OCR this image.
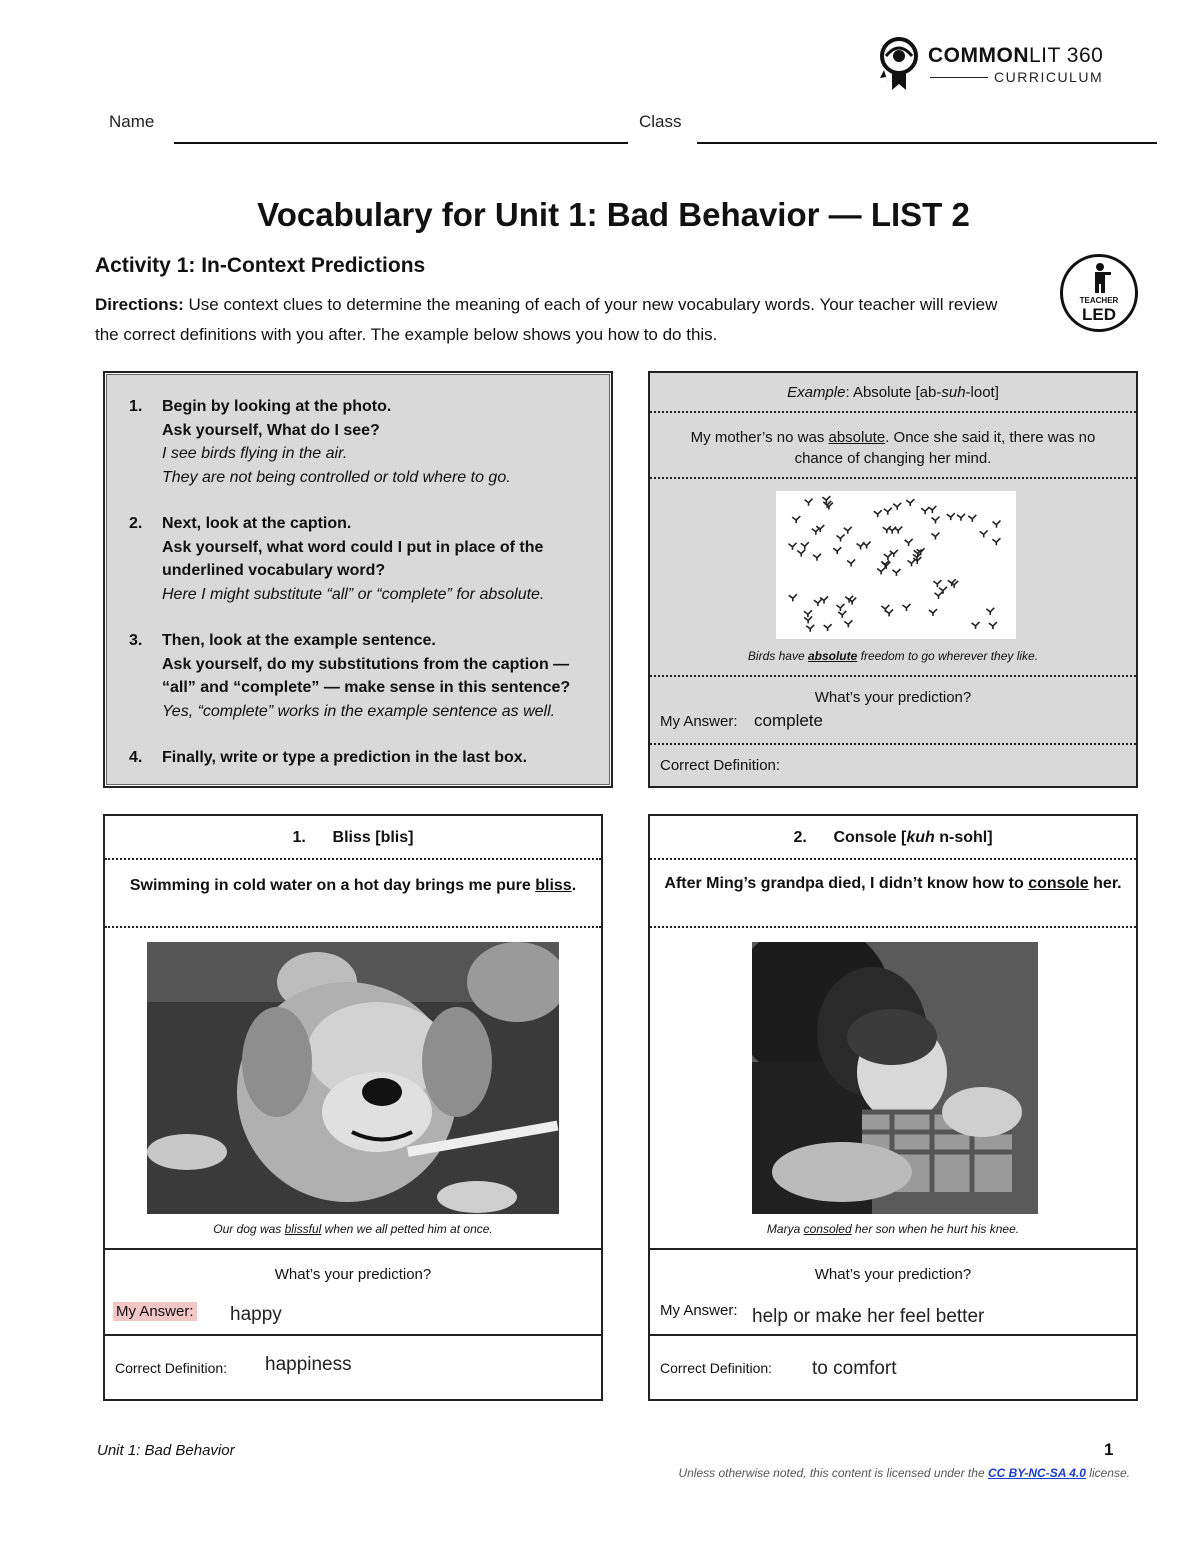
COMMONLIT 360
CURRICULUM
Name	Class
Vocabulary for Unit 1: Bad Behavior — LIST 2
Activity 1: In-Context Predictions
Directions: Use context clues to determine the meaning of each of your new vocabulary words. Your teacher will review the correct definitions with you after. The example below shows you how to do this.
TEACHER
LED
1. Begin by looking at the photo.
Ask yourself, What do I see?
I see birds flying in the air.
They are not being controlled or told where to go.
2. Next, look at the caption.
Ask yourself, what word could I put in place of the
underlined vocabulary word?
Here I might substitute “all” or “complete” for absolute.
3. Then, look at the example sentence.
Ask yourself, do my substitutions from the caption —
“all” and “complete” — make sense in this sentence?
Yes, “complete” works in the example sentence as well.
4. Finally, write or type a prediction in the last box.
Example: Absolute [ab-suh-loot]
My mother’s no was absolute. Once she said it, there was no chance of changing her mind.
Birds have absolute freedom to go wherever they like.
What’s your prediction?
My Answer: complete
Correct Definition:
1. Bliss [blis]
Swimming in cold water on a hot day brings me pure bliss.
Our dog was blissful when we all petted him at once.
What’s your prediction?
My Answer: happy
Correct Definition: happiness
2. Console [kuh n-sohl]
After Ming’s grandpa died, I didn’t know how to console her.
Marya consoled her son when he hurt his knee.
What’s your prediction?
My Answer: help or make her feel better
Correct Definition: to comfort
Unit 1: Bad Behavior	1
Unless otherwise noted, this content is licensed under the CC BY-NC-SA 4.0 license.
